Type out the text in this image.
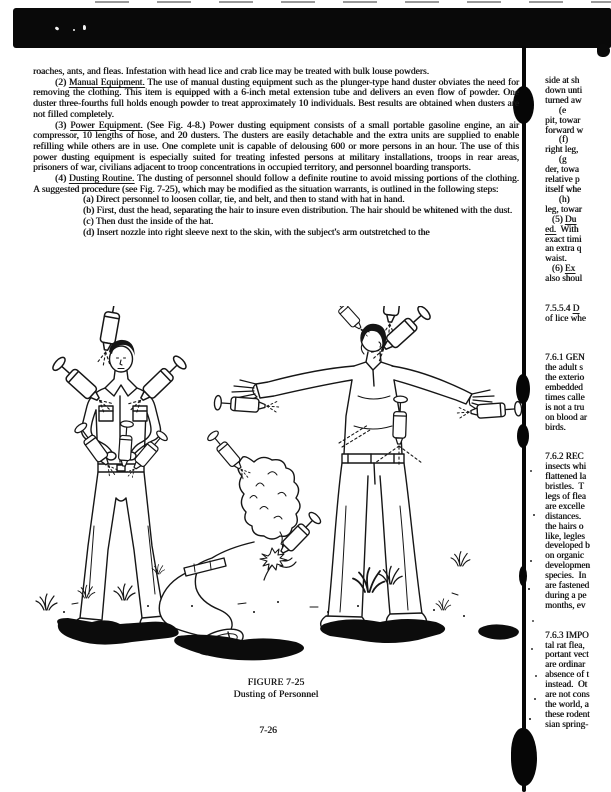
roaches, ants, and fleas. Infestation with head lice and crab lice may be treated with bulk louse powders.

(2) Manual Equipment. The use of manual dusting equipment such as the plunger-type hand duster obviates the need for removing the clothing. This item is equipped with a 6-inch metal extension tube and delivers an even flow of powder. One duster three-fourths full holds enough powder to treat approximately 10 individuals. Best results are obtained when dusters are not filled completely.

(3) Power Equipment. (See Fig. 4-8.) Power dusting equipment consists of a small portable gasoline engine, an air compressor, 10 lengths of hose, and 20 dusters. The dusters are easily detachable and the extra units are supplied to enable refilling while others are in use. One complete unit is capable of delousing 600 or more persons in an hour. The use of this power dusting equipment is especially suited for treating infested persons at military installations, troops in rear areas, prisoners of war, civilians adjacent to troop concentrations in occupied territory, and personnel boarding transports.

(4) Dusting Routine. The dusting of personnel should follow a definite routine to avoid missing portions of the clothing. A suggested procedure (see Fig. 7-25), which may be modified as the situation warrants, is outlined in the following steps:

(a) Direct personnel to loosen collar, tie, and belt, and then to stand with hat in hand.

(b) First, dust the head, separating the hair to insure even distribution. The hair should be whitened with the dust.

(c) Then dust the inside of the hat.

(d) Insert nozzle into right sleeve next to the skin, with the subject's arm outstretched to the

side at sh
down unti
turned aw
(e
pit, towar
forward w
(f)
right leg,
(g
der, towa
relative p
itself whe
(h)
leg, towar
(5) Du
ed.  With
exact timi
an extra q
waist.
(6) Ex
also shoul
7.5.5.4 D
of lice whe
7.6.1 GEN
the adult s
the exterio
embedded
times calle
is not a tru
on blood ar
birds.
7.6.2 REC
insects whi
flattened la
bristles.  T
legs of flea
are excelle
distances.
the hairs o
like, legles
developed b
on organic
developmen
species.  In
are fastened
during a pe
months, ev
7.6.3 IMPO
tal rat flea,
portant vect
are ordinar
absence of t
instead.  Ot
are not cons
the world, a
these rodent
sian spring-
FIGURE 7-25
Dusting of Personnel
7-26
